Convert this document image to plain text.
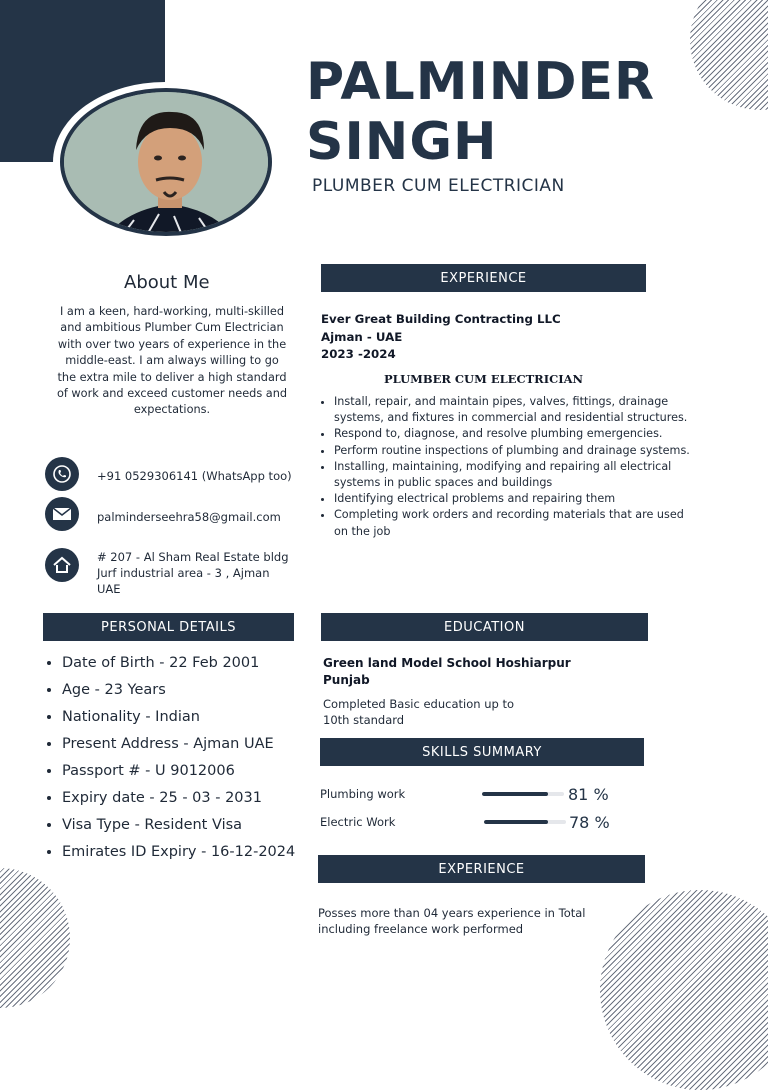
PALMINDER
SINGH
PLUMBER CUM ELECTRICIAN
About Me
I am a keen, hard-working, multi-skilled and ambitious Plumber Cum Electrician with over two years of experience in the middle-east. I am always willing to go the extra mile to deliver a high standard of work and exceed customer needs and expectations.
+91 0529306141 (WhatsApp too)
palminderseehra58@gmail.com
# 207 - Al Sham Real Estate bldg
Jurf industrial area - 3 , Ajman
UAE
EXPERIENCE
Ever Great Building Contracting LLC
Ajman - UAE
2023 -2024
PLUMBER CUM ELECTRICIAN
• Install, repair, and maintain pipes, valves, fittings, drainage systems, and fixtures in commercial and residential structures.
• Respond to, diagnose, and resolve plumbing emergencies.
• Perform routine inspections of plumbing and drainage systems.
• Installing, maintaining, modifying and repairing all electrical systems in public spaces and buildings
• Identifying electrical problems and repairing them
• Completing work orders and recording materials that are used on the job
PERSONAL DETAILS
• Date of Birth - 22 Feb 2001
• Age - 23 Years
• Nationality - Indian
• Present Address - Ajman UAE
• Passport # - U 9012006
• Expiry date - 25 - 03 - 2031
• Visa Type - Resident Visa
• Emirates ID Expiry - 16-12-2024
EDUCATION
Green land Model School Hoshiarpur
Punjab
Completed Basic education up to
10th standard
SKILLS SUMMARY
Plumbing work	81 %
Electric Work	78 %
EXPERIENCE
Posses more than 04 years experience in Total
including freelance work performed
